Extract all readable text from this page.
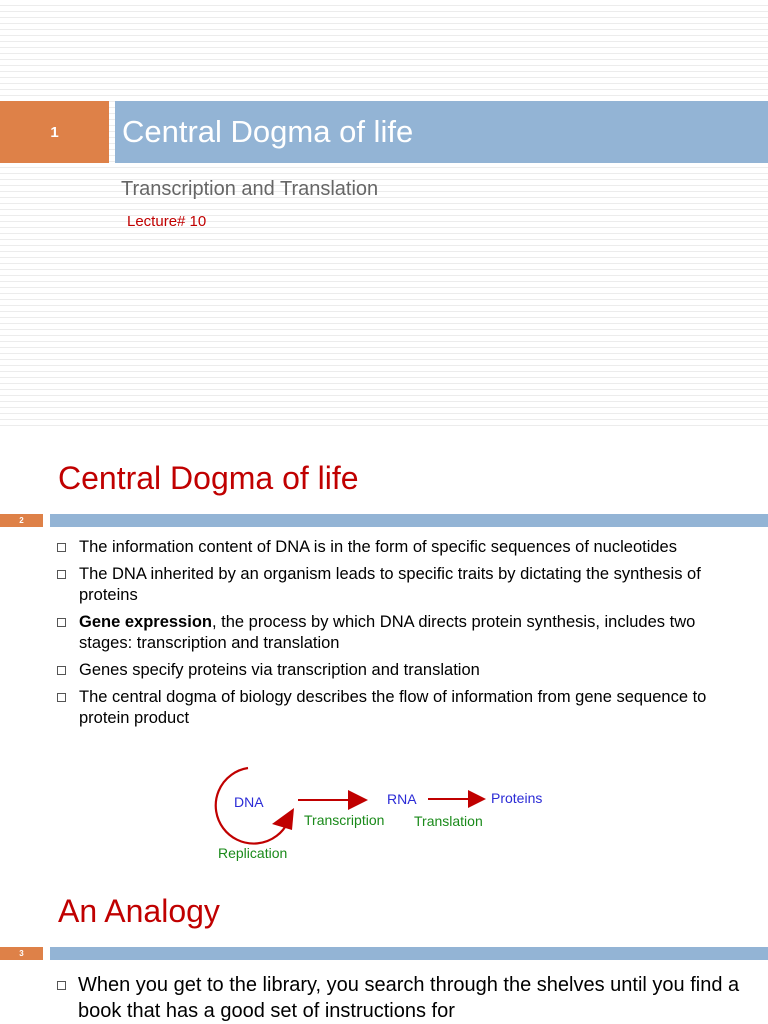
1	Central Dogma of life
Transcription and Translation
Lecture# 10
Central Dogma of life
2
The information content of DNA is in the form of specific sequences of nucleotides
The DNA inherited by an organism leads to specific traits by dictating the synthesis of proteins
Gene expression, the process by which DNA directs protein synthesis, includes two stages: transcription and translation
Genes specify proteins via transcription and translation
The central dogma of biology describes the flow of information from gene sequence to protein product
DNA
Replication
RNA
Transcription
Proteins
Translation
An Analogy
3
When you get to the library, you search through the shelves until you find a book that has a good set of instructions for
